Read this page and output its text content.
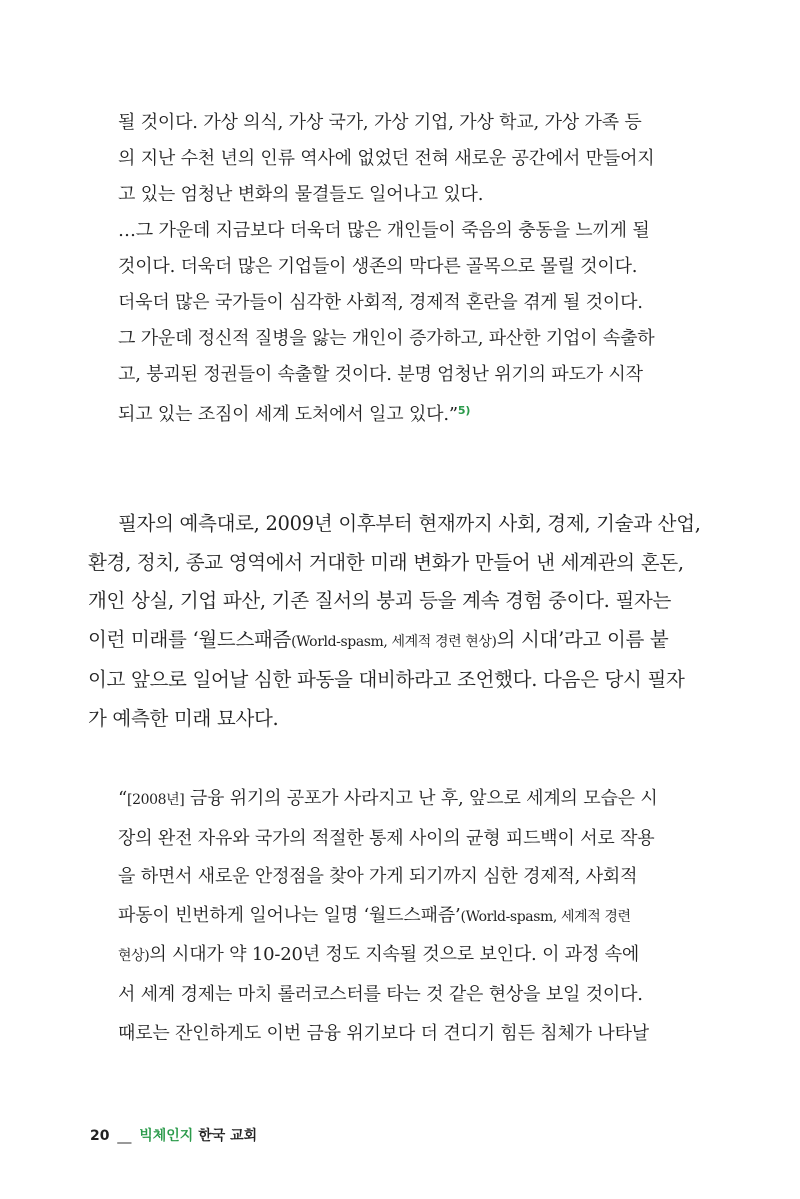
될 것이다. 가상 의식, 가상 국가, 가상 기업, 가상 학교, 가상 가족 등

의 지난 수천 년의 인류 역사에 없었던 전혀 새로운 공간에서 만들어지

고 있는 엄청난 변화의 물결들도 일어나고 있다.

…그 가운데 지금보다 더욱더 많은 개인들이 죽음의 충동을 느끼게 될

것이다. 더욱더 많은 기업들이 생존의 막다른 골목으로 몰릴 것이다.

더욱더 많은 국가들이 심각한 사회적, 경제적 혼란을 겪게 될 것이다.

그 가운데 정신적 질병을 앓는 개인이 증가하고, 파산한 기업이 속출하

고, 붕괴된 정권들이 속출할 것이다. 분명 엄청난 위기의 파도가 시작

되고 있는 조짐이 세계 도처에서 일고 있다.”$^{5)}$

필자의 예측대로, 2009년 이후부터 현재까지 사회, 경제, 기술과 산업,

환경, 정치, 종교 영역에서 거대한 미래 변화가 만들어 낸 세계관의 혼돈,

개인 상실, 기업 파산, 기존 질서의 붕괴 등을 계속 경험 중이다. 필자는

이런 미래를 ‘월드스패즘(World-spasm, 세계적 경련 현상)의 시대’라고 이름 붙

이고 앞으로 일어날 심한 파동을 대비하라고 조언했다. 다음은 당시 필자

가 예측한 미래 묘사다.

“[2008년] 금융 위기의 공포가 사라지고 난 후, 앞으로 세계의 모습은 시

장의 완전 자유와 국가의 적절한 통제 사이의 균형 피드백이 서로 작용

을 하면서 새로운 안정점을 찾아 가게 되기까지 심한 경제적, 사회적

파동이 빈번하게 일어나는 일명 ‘월드스패즘’(World-spasm, 세계적 경련

현상)의 시대가 약 10-20년 정도 지속될 것으로 보인다. 이 과정 속에

서 세계 경제는 마치 롤러코스터를 타는 것 같은 현상을 보일 것이다.

때로는 잔인하게도 이번 금융 위기보다 더 견디기 힘든 침체가 나타날

20 __ 빅체인지 한국 교회
